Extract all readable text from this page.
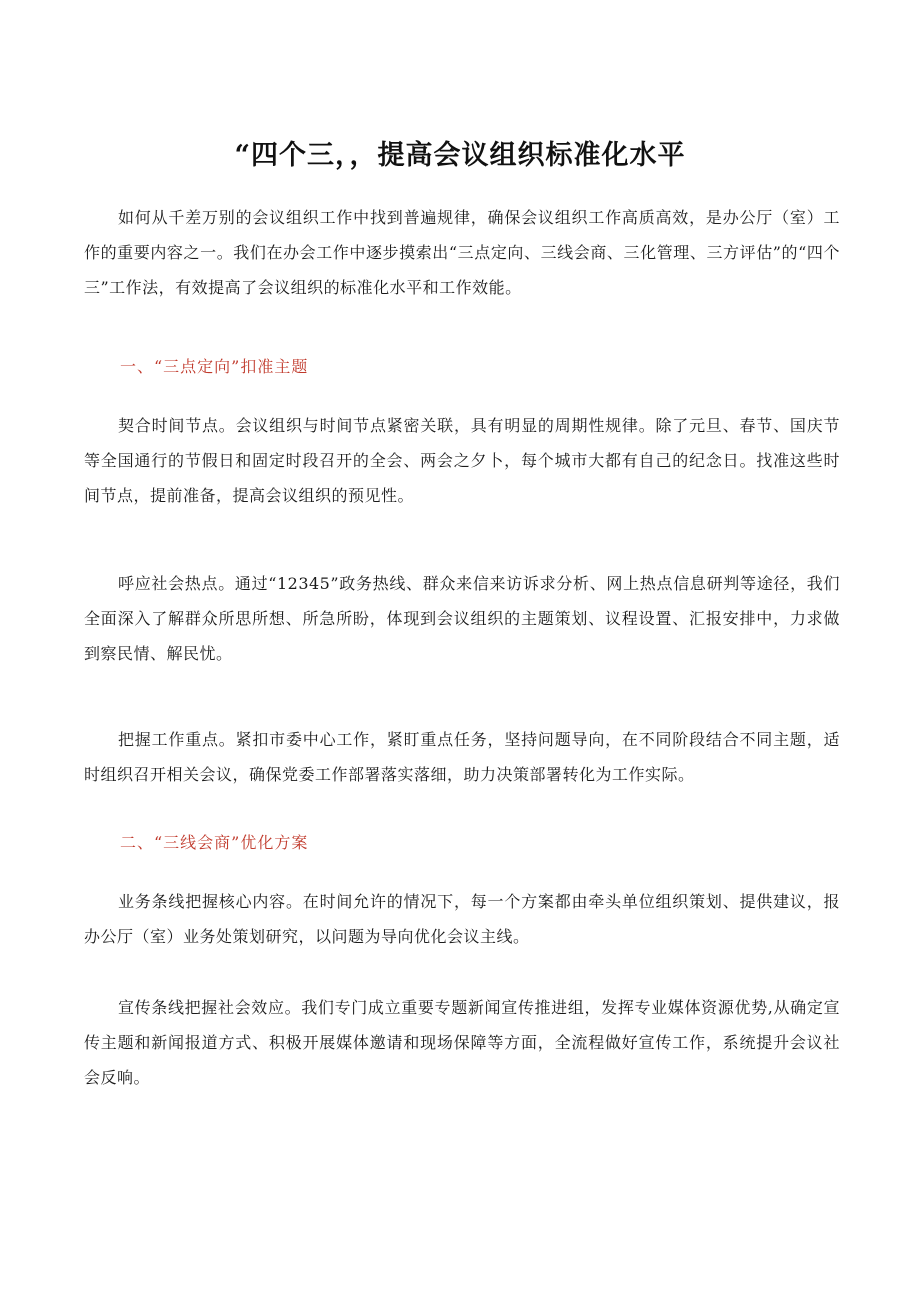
“四个三，，提高会议组织标准化水平

如何从千差万别的会议组织工作中找到普遍规律，确保会议组织工作高质高效，是办公厅（室）工作的重要内容之一。我们在办会工作中逐步摸索出“三点定向、三线会商、三化管理、三方评估”的“四个三”工作法，有效提高了会议组织的标准化水平和工作效能。

一、“三点定向”扣准主题

契合时间节点。会议组织与时间节点紧密关联，具有明显的周期性规律。除了元旦、春节、国庆节等全国通行的节假日和固定时段召开的全会、两会之夕卜，每个城市大都有自己的纪念日。找准这些时间节点，提前准备，提高会议组织的预见性。

呼应社会热点。通过“12345”政务热线、群众来信来访诉求分析、网上热点信息研判等途径，我们全面深入了解群众所思所想、所急所盼，体现到会议组织的主题策划、议程设置、汇报安排中，力求做到察民情、解民忧。

把握工作重点。紧扣市委中心工作，紧盯重点任务，坚持问题导向，在不同阶段结合不同主题，适时组织召开相关会议，确保党委工作部署落实落细，助力决策部署转化为工作实际。

二、“三线会商”优化方案

业务条线把握核心内容。在时间允许的情况下，每一个方案都由牵头单位组织策划、提供建议，报办公厅（室）业务处策划研究，以问题为导向优化会议主线。

宣传条线把握社会效应。我们专门成立重要专题新闻宣传推进组，发挥专业媒体资源优势,从确定宣传主题和新闻报道方式、积极开展媒体邀请和现场保障等方面，全流程做好宣传工作，系统提升会议社会反响。
